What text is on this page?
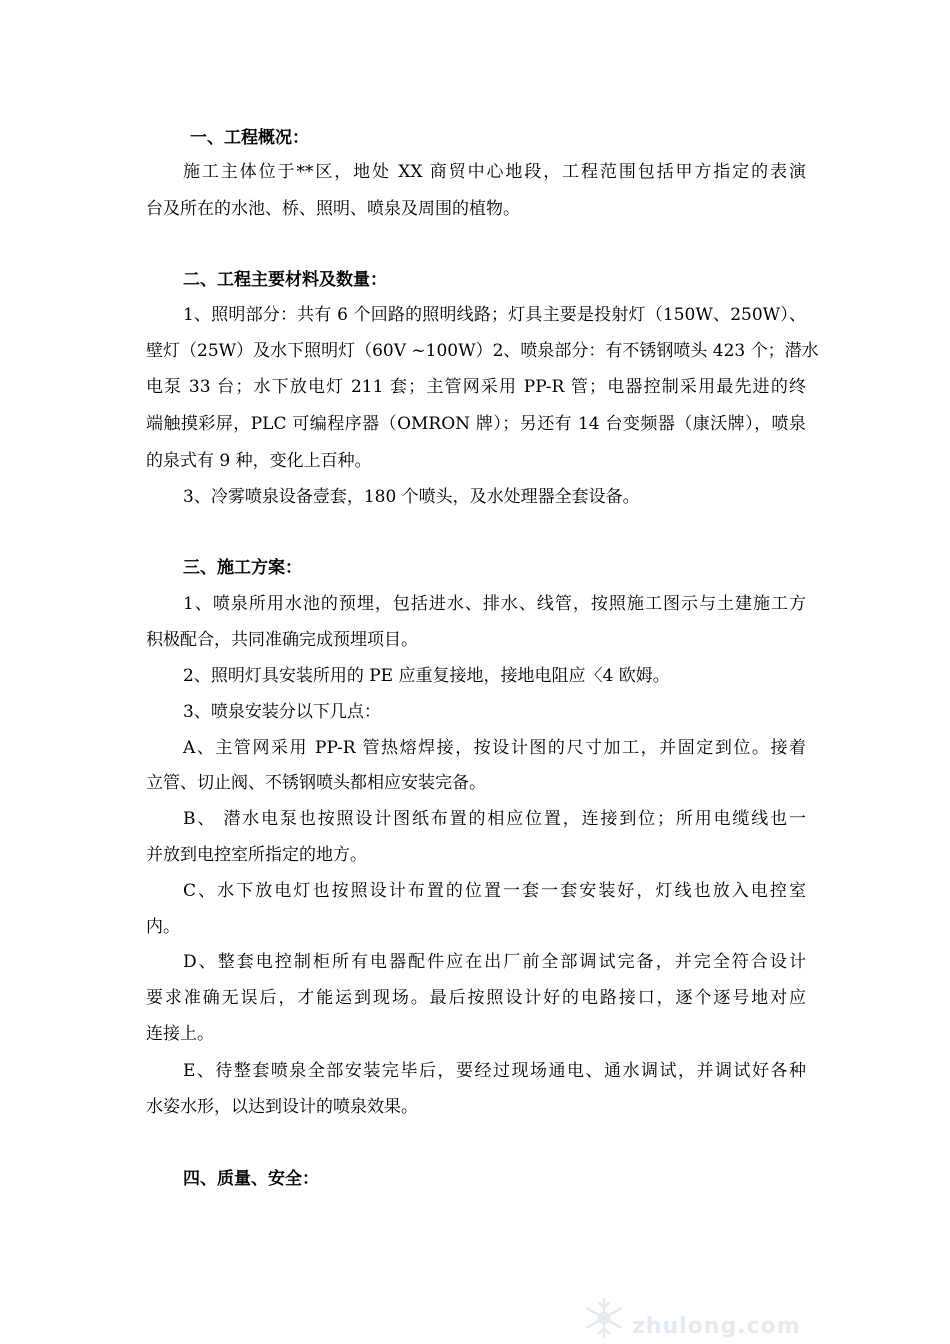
一、工程概况：
施工主体位于**区，地处 XX 商贸中心地段，工程范围包括甲方指定的表演
台及所在的水池、桥、照明、喷泉及周围的植物。
二、工程主要材料及数量：
1、照明部分：共有 6 个回路的照明线路；灯具主要是投射灯（150W、250W）、
壁灯（25W）及水下照明灯（60V ~100W）2、喷泉部分：有不锈钢喷头 423 个；潜水
电泵 33 台；水下放电灯 211 套；主管网采用 PP-R 管；电器控制采用最先进的终
端触摸彩屏，PLC 可编程序器（OMRON 牌）；另还有 14 台变频器（康沃牌），喷泉
的泉式有 9 种，变化上百种。
3、冷雾喷泉设备壹套，180 个喷头，及水处理器全套设备。
三、施工方案：
1、喷泉所用水池的预埋，包括进水、排水、线管，按照施工图示与土建施工方
积极配合，共同准确完成预埋项目。
2、照明灯具安装所用的 PE 应重复接地，接地电阻应〈4 欧姆。
3、喷泉安装分以下几点：
A、主管网采用 PP-R 管热熔焊接，按设计图的尺寸加工，并固定到位。接着
立管、切止阀、不锈钢喷头都相应安装完备。
B、 潜水电泵也按照设计图纸布置的相应位置，连接到位；所用电缆线也一
并放到电控室所指定的地方。
C、水下放电灯也按照设计布置的位置一套一套安装好，灯线也放入电控室
内。
D、整套电控制柜所有电器配件应在出厂前全部调试完备，并完全符合设计
要求准确无误后，才能运到现场。最后按照设计好的电路接口，逐个逐号地对应
连接上。
E、待整套喷泉全部安装完毕后，要经过现场通电、通水调试，并调试好各种
水姿水形，以达到设计的喷泉效果。
四、质量、安全：
zhulong.com
